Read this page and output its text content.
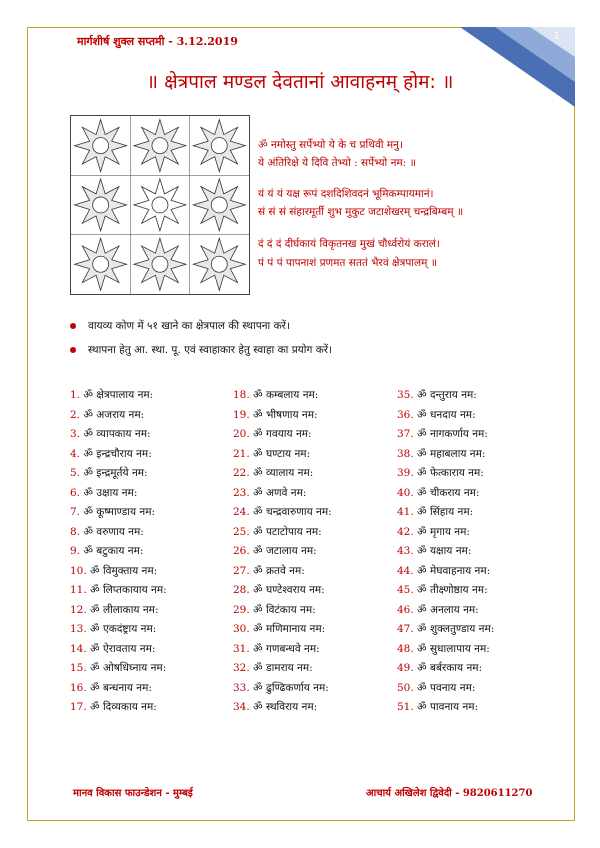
1
मार्गशीर्ष शुक्ल सप्तमी - 3.12.2019
॥ क्षेत्रपाल मण्डल देवतानां आवाहनम् होम: ॥
ॐ नमोस्तु सर्पेभ्यो ये के च प्रथिवी मनु।
ये अंतिरिक्षे ये दिवि तेभ्यो : सर्पेभ्यो नम: ॥
यं यं यं यक्ष रूपं दशदिशिवदनं भूमिकम्पायमानं।
सं सं सं संहारमूर्ती शुभ मुकुट जटाशेखरम् चन्द्रबिम्बम् ॥
दं दं दं दीर्घकायं विकृतनख मुखं चौर्ध्वरोयं करालं।
पं पं पं पापनाशं प्रणमत सततं भैरवं क्षेत्रपालम् ॥
वायव्य कोण में ५१ खाने का क्षेत्रपाल की स्थापना करें।
स्थापना हेतु आ. स्था. पू. एवं स्वाहाकार हेतु स्वाहा का प्रयोग करें।
1. ॐ क्षेत्रपालाय नम:
2. ॐ अजराय नम:
3. ॐ व्यापकाय नम:
4. ॐ इन्द्रचौराय नम:
5. ॐ इन्द्रमूर्तये नम:
6. ॐ उक्षाय नम:
7. ॐ कूष्माण्डाय नम:
8. ॐ वरुणाय नम:
9. ॐ बटुकाय नम:
10. ॐ विमुक्ताय नम:
11. ॐ लिप्तकायाय नम:
12. ॐ लीलाकाय नम:
13. ॐ एकदंष्ट्राय नम:
14. ॐ ऐरावताय नम:
15. ॐ ओषधिघ्नाय नम:
16. ॐ बन्धनाय नम:
17. ॐ दिव्यकाय नम:
18. ॐ कम्बलाय नम:
19. ॐ भीषणाय नम:
20. ॐ गवयाय नम:
21. ॐ घण्टाय नम:
22. ॐ व्यालाय नम:
23. ॐ अणवे नम:
24. ॐ चन्द्रवारुणाय नम:
25. ॐ पटाटोपाय नम:
26. ॐ जटालाय नम:
27. ॐ क्रतवे नम:
28. ॐ घण्टेश्वराय नम:
29. ॐ विटंकाय नम:
30. ॐ मणिमानाय नम:
31. ॐ गणबन्धवे नम:
32. ॐ डामराय नम:
33. ॐ ढुण्ढिकर्णाय नम:
34. ॐ स्थविराय नम:
35. ॐ दन्तुराय नम:
36. ॐ धनदाय नम:
37. ॐ नागकर्णाय नम:
38. ॐ महाबलाय नम:
39. ॐ फेत्काराय नम:
40. ॐ चीकराय नम:
41. ॐ सिंहाय नम:
42. ॐ मृगाय नम:
43. ॐ यक्षाय नम:
44. ॐ मेघवाहनाय नम:
45. ॐ तीक्ष्णोष्ठाय नम:
46. ॐ अनलाय नम:
47. ॐ शुक्लतुण्डाय नम:
48. ॐ सुधालापाय नम:
49. ॐ बर्बरकाय नम:
50. ॐ पवनाय नम:
51. ॐ पावनाय नम:
मानव विकास फाउन्डेशन - मुम्बई	आचार्य अखिलेश द्विवेदी - 9820611270
